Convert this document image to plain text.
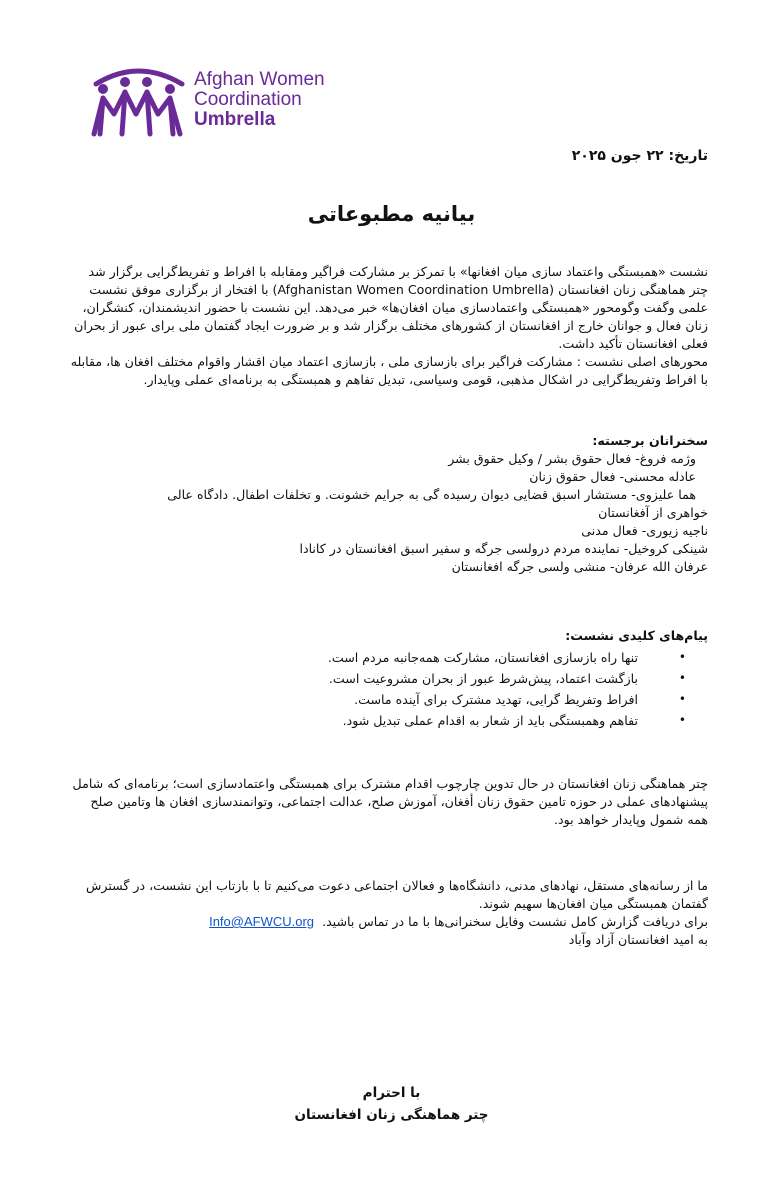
Afghan Women
Coordination
Umbrella
تاریخ: ۲۲ جون ۲۰۲۵
بیانیه مطبوعاتی
نشست «همبستگی واعتماد سازی میان افغانها» با تمرکز بر مشارکت فراگیر ومقابله با افراط و تفریط‌گرایی برگزار شد چتر هماهنگی زنان افغانستان (Afghanistan Women Coordination Umbrella) با افتخار از برگزاری موفق نشست علمی وگفت وگومحور «همبستگی واعتمادسازی میان افغان‌ها» خبر می‌دهد. این نشست با حضور اندیشمندان، کنشگران، زنان فعال و جوانان خارج از افغانستان از کشورهای مختلف برگزار شد و بر ضرورت ایجاد گفتمان ملی برای عبور از بحران فعلی افغانستان تأکید داشت.
محورهای اصلی نشست : مشارکت فراگیر برای بازسازی ملی ، بازسازی اعتماد میان اقشار واقوام مختلف افغان ها، مقابله با افراط وتفریط‌گرایی در اشکال مذهبی، قومی وسیاسی، تبدیل تفاهم و همبستگی به برنامه‌ای عملی وپایدار.
سخنرانان برجسته:
وژمه فروغ- فعال حقوق بشر / وکیل حقوق بشر
عادله محسنی- فعال حقوق زنان
هما علیزوی- مستشار اسبق قضایی دیوان رسیده گی به جرایم خشونت. و تخلفات اطفال. دادگاه عالی
خواهری از آفغانستان
ناجیه زیوری- فعال مدنی
شینکی کروخیل- نماینده مردم درولسی جرگه و سفیر اسبق افغانستان در کانادا
عرفان الله عرفان- منشی ولسی جرگه افغانستان
پیام‌های کلیدی نشست:
• تنها راه بازسازی افغانستان، مشارکت همه‌جانبه مردم است.
• بازگشت اعتماد، پیش‌شرط عبور از بحران مشروعیت است.
• افراط وتفریط گرایی، تهدید مشترک برای آینده ماست.
• تفاهم وهمبستگی باید از شعار به اقدام عملی تبدیل شود.
چتر هماهنگی زنان افغانستان در حال تدوین چارچوب اقدام مشترک برای همبستگی واعتمادسازی است؛ برنامه‌ای که شامل پیشنهادهای عملی در حوزه تامین حقوق زنان أفغان، آموزش صلح، عدالت اجتماعی، وتوانمندسازی افغان ها وتامین صلح همه شمول وپایدار خواهد بود.
ما از رسانه‌های مستقل، نهادهای مدنی، دانشگاه‌ها و فعالان اجتماعی دعوت می‌کنیم تا با بازتاب این نشست، در گسترش گفتمان همبستگی میان افغان‌ها سهیم شوند.
برای دریافت گزارش کامل نشست وفایل سخنرانی‌ها با ما در تماس باشید. Info@AFWCU.org
به امید افغانستان آزاد وآباد
با احترام
چتر هماهنگی زنان افغانستان
